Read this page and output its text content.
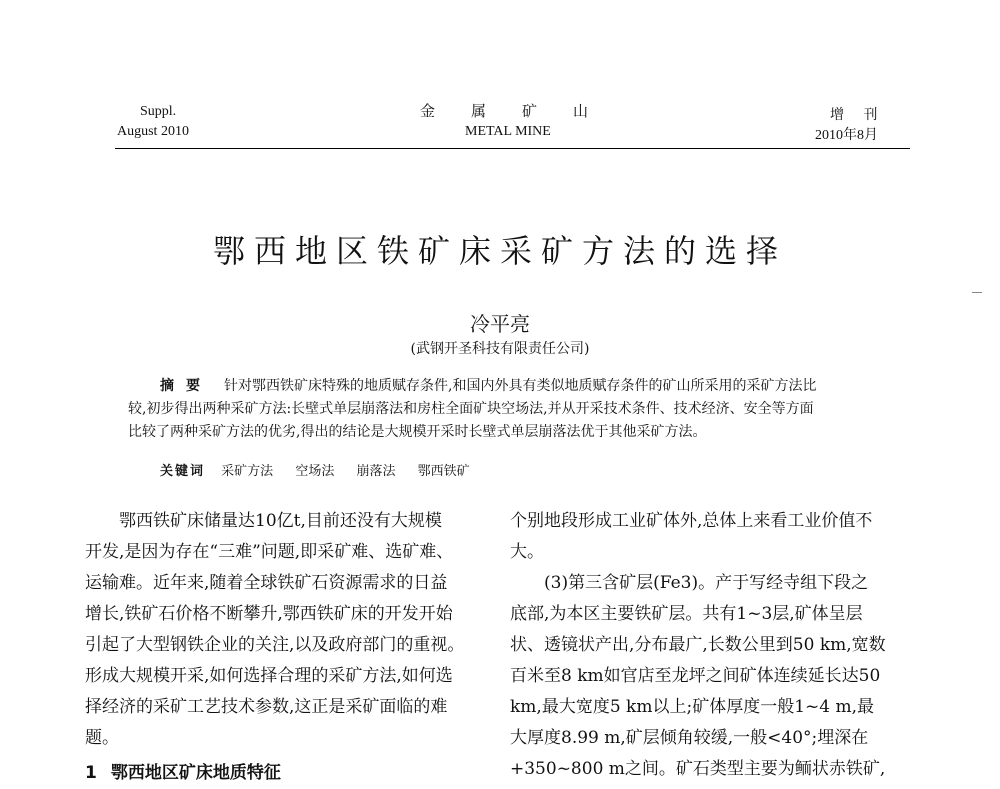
Suppl.
August 2010
金属矿山
METAL MINE
增 刊
2010年8月
鄂西地区铁矿床采矿方法的选择
冷平亮
(武钢开圣科技有限责任公司)
摘要 针对鄂西铁矿床特殊的地质赋存条件,和国内外具有类似地质赋存条件的矿山所采用的采矿方法比
较,初步得出两种采矿方法:长壁式单层崩落法和房柱全面矿块空场法,并从开采技术条件、技术经济、安全等方面
比较了两种采矿方法的优劣,得出的结论是大规模开采时长壁式单层崩落法优于其他采矿方法。
关键词 采矿方法 空场法 崩落法 鄂西铁矿
鄂西铁矿床储量达10亿t,目前还没有大规模
开发,是因为存在“三难”问题,即采矿难、选矿难、
运输难。近年来,随着全球铁矿石资源需求的日益
增长,铁矿石价格不断攀升,鄂西铁矿床的开发开始
引起了大型钢铁企业的关注,以及政府部门的重视。
形成大规模开采,如何选择合理的采矿方法,如何选
择经济的采矿工艺技术参数,这正是采矿面临的难
题。
1 鄂西地区矿床地质特征
个别地段形成工业矿体外,总体上来看工业价值不
大。
(3)第三含矿层(Fe3)。产于写经寺组下段之
底部,为本区主要铁矿层。共有1~3层,矿体呈层
状、透镜状产出,分布最广,长数公里到50 km,宽数
百米至8 km如官店至龙坪之间矿体连续延长达50
km,最大宽度5 km以上;矿体厚度一般1~4 m,最
大厚度8.99 m,矿层倾角较缓,一般<40°;埋深在
+350~800 m之间。矿石类型主要为鲕状赤铁矿,
